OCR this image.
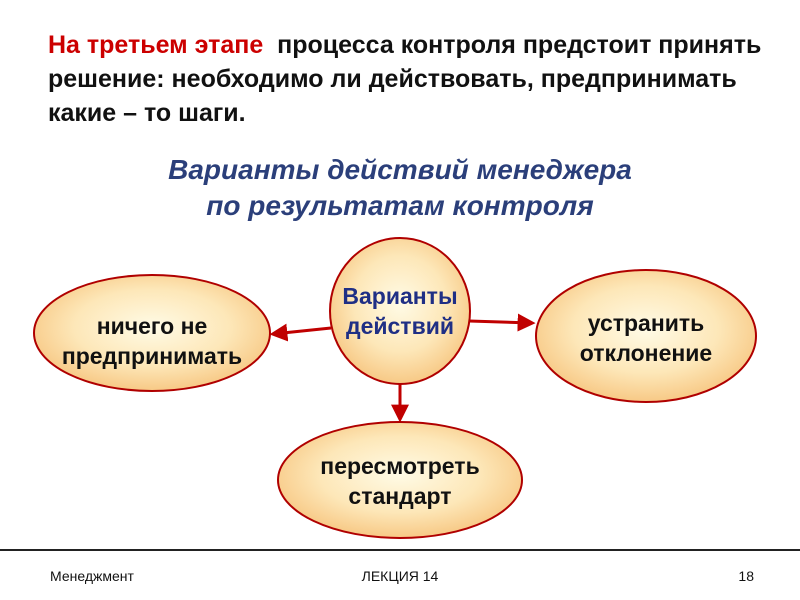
На третьем этапе процесса контроля предстоит принять решение: необходимо ли действовать, предпринимать какие – то шаги.

Варианты действий менеджера
по результатам контроля
ничего не
предпринимать
Варианты
действий	устранить
отклонение
пересмотреть
стандарт
Менеджмент	ЛЕКЦИЯ 14	18
